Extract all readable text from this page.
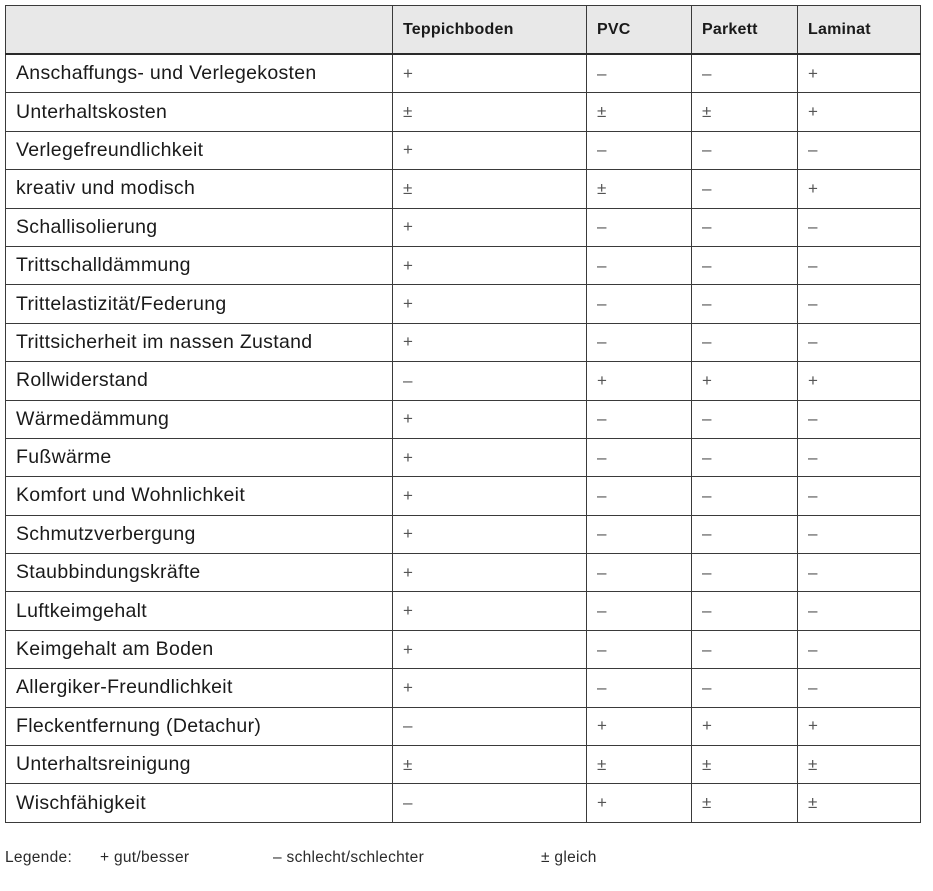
	Teppichboden	PVC	Parkett	Laminat
Anschaffungs- und Verlegekosten	+	–	–	+
Unterhaltskosten	±	±	±	+
Verlegefreundlichkeit	+	–	–	–
kreativ und modisch	±	±	–	+
Schallisolierung	+	–	–	–
Trittschalldämmung	+	–	–	–
Trittelastizität/Federung	+	–	–	–
Trittsicherheit im nassen Zustand	+	–	–	–
Rollwiderstand	–	+	+	+
Wärmedämmung	+	–	–	–
Fußwärme	+	–	–	–
Komfort und Wohnlichkeit	+	–	–	–
Schmutzverbergung	+	–	–	–
Staubbindungskräfte	+	–	–	–
Luftkeimgehalt	+	–	–	–
Keimgehalt am Boden	+	–	–	–
Allergiker-Freundlichkeit	+	–	–	–
Fleckentfernung (Detachur)	–	+	+	+
Unterhaltsreinigung	±	±	±	±
Wischfähigkeit	–	+	±	±
Legende: + gut/besser	– schlecht/schlechter	± gleich
